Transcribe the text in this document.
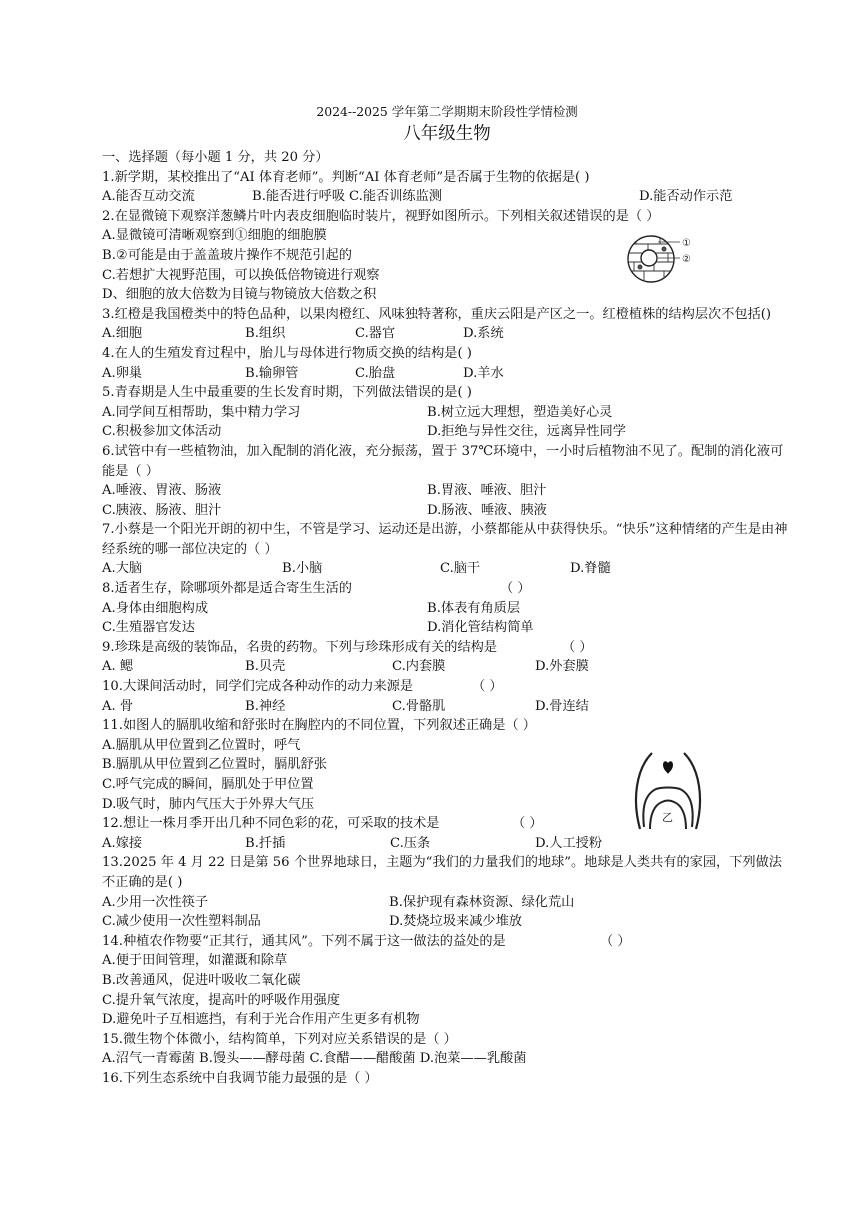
2024--2025 学年第二学期期末阶段性学情检测
八年级生物
一、选择题（每小题 1 分，共 20 分）
1.新学期，某校推出了“AI 体育老师”。判断“AI 体育老师”是否属于生物的依据是( )
A.能否互动交流	B.能否进行呼吸 C.能否训练监测	D.能否动作示范
2.在显微镜下观察洋葱鳞片叶内表皮细胞临时装片，视野如图所示。下列相关叙述错误的是（ ）
A.显微镜可清晰观察到①细胞的细胞膜
B.②可能是由于盖盖玻片操作不规范引起的
C.若想扩大视野范围，可以换低倍物镜进行观察
D、细胞的放大倍数为目镜与物镜放大倍数之积
3.红橙是我国橙类中的特色品种，以果肉橙红、风味独特著称，重庆云阳是产区之一。红橙植株的结构层次不包括()
A.细胞	B.组织	C.器官	D.系统
4.在人的生殖发育过程中，胎儿与母体进行物质交换的结构是( )
A.卵巢	B.输卵管	C.胎盘	D.羊水
5.青春期是人生中最重要的生长发育时期，下列做法错误的是( )
A.同学间互相帮助，集中精力学习	B.树立远大理想，塑造美好心灵
C.积极参加文体活动	D.拒绝与异性交往，远离异性同学
6.试管中有一些植物油，加入配制的消化液，充分振荡，置于 37℃环境中，一小时后植物油不见了。配制的消化液可能是（ ）
A.唾液、胃液、肠液	B.胃液、唾液、胆汁
C.胰液、肠液、胆汁	D.肠液、唾液、胰液
7.小蔡是一个阳光开朗的初中生，不管是学习、运动还是出游，小蔡都能从中获得快乐。“快乐”这种情绪的产生是由神经系统的哪一部位决定的（ ）
A.大脑	B.小脑	C.脑干	D.脊髓
8.适者生存，除哪项外都是适合寄生生活的	（ ）
A.身体由细胞构成	B.体表有角质层
C.生殖器官发达	D.消化管结构简单
9.珍珠是高级的装饰品，名贵的药物。下列与珍珠形成有关的结构是	（ ）
A. 鳃	B.贝壳	C.内套膜	D.外套膜
10.大课间活动时，同学们完成各种动作的动力来源是	（ ）
A. 骨	B.神经	C.骨骼肌	D.骨连结
11.如图人的膈肌收缩和舒张时在胸腔内的不同位置，下列叙述正确是（ ）
A.膈肌从甲位置到乙位置时，呼气
B.膈肌从甲位置到乙位置时，膈肌舒张
C.呼气完成的瞬间，膈肌处于甲位置
D.吸气时，肺内气压大于外界大气压
12.想让一株月季开出几种不同色彩的花，可采取的技术是	（ ）
A.嫁接	B.扦插	C.压条	D.人工授粉
13.2025 年 4 月 22 日是第 56 个世界地球日，主题为“我们的力量我们的地球”。地球是人类共有的家园，下列做法不正确的是( )
A.少用一次性筷子	B.保护现有森林资源、绿化荒山
C.减少使用一次性塑料制品	D.焚烧垃圾来减少堆放
14.种植农作物要“正其行，通其风”。下列不属于这一做法的益处的是	（ ）
A.便于田间管理，如灌溉和除草
B.改善通风，促进叶吸收二氧化碳
C.提升氧气浓度，提高叶的呼吸作用强度
D.避免叶子互相遮挡，有利于光合作用产生更多有机物
15.微生物个体微小，结构简单，下列对应关系错误的是（ ）
A.沼气一青霉菌 B.馒头——酵母菌 C.食醋——醋酸菌 D.泡菜——乳酸菌
16.下列生态系统中自我调节能力最强的是（ ）
①
②
乙
